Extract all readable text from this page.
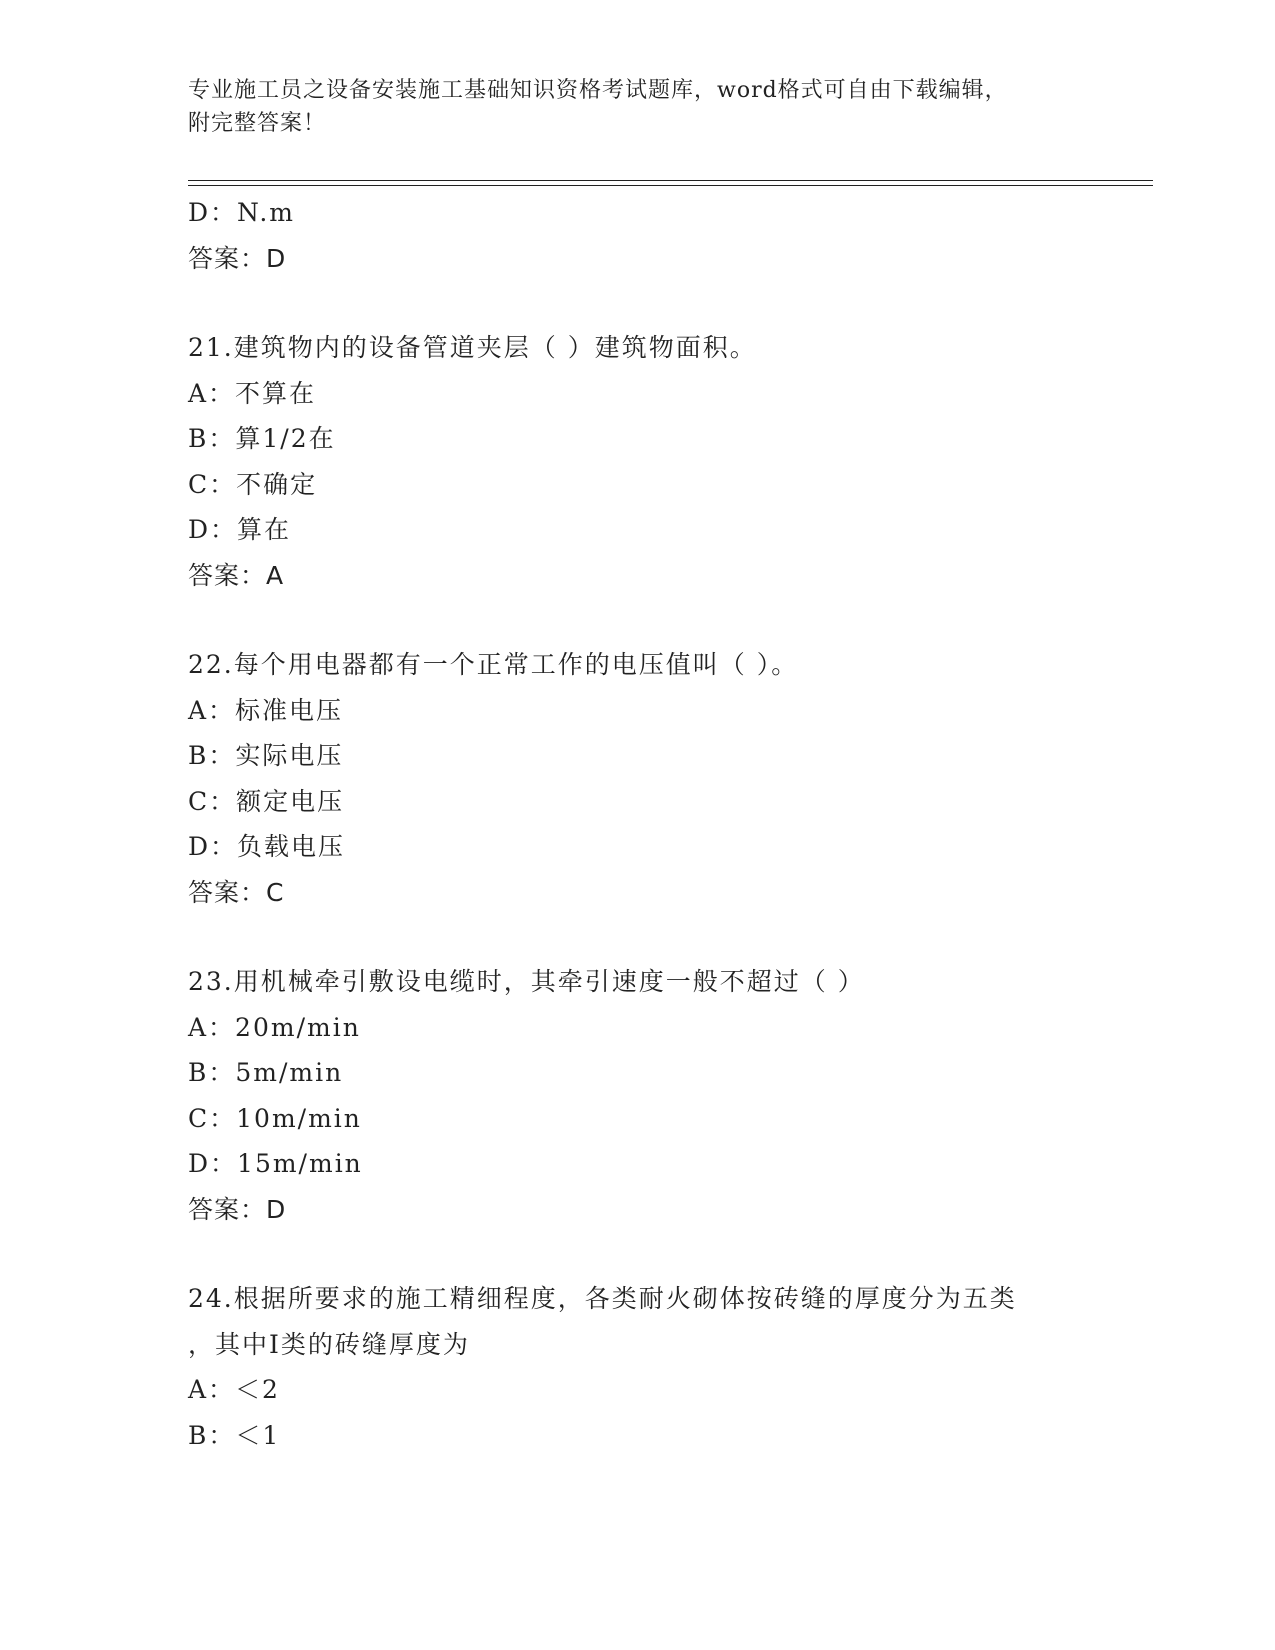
专业施工员之设备安装施工基础知识资格考试题库，word格式可自由下载编辑，
附完整答案！
D：N.m
答案：D
21.建筑物内的设备管道夹层（ ）建筑物面积。
A：不算在
B：算1/2在
C：不确定
D：算在
答案：A
22.每个用电器都有一个正常工作的电压值叫（ ）。
A：标准电压
B：实际电压
C：额定电压
D：负载电压
答案：C
23.用机械牵引敷设电缆时，其牵引速度一般不超过（ ）
A：20m/min
B：5m/min
C：10m/min
D：15m/min
答案：D
24.根据所要求的施工精细程度，各类耐火砌体按砖缝的厚度分为五类
，其中I类的砖缝厚度为
A：＜2
B：＜1
